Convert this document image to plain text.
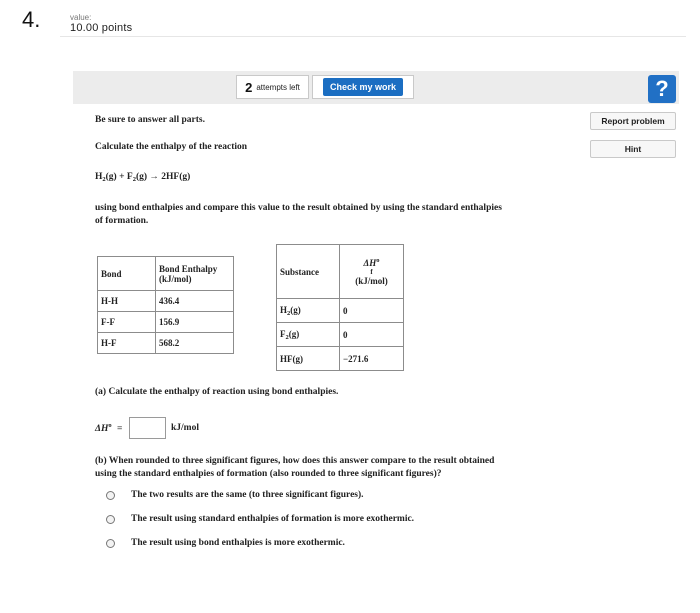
4.	value:
10.00 points
2 attempts left	Check my work	?
Report problem
Hint
Be sure to answer all parts.
Calculate the enthalpy of the reaction
$H_2(g) + F_2(g) \to 2HF(g)$
using bond enthalpies and compare this value to the result obtained by using the standard enthalpies
of formation.
Bond	Bond Enthalpy
(kJ/mol)

H-H	436.4
F-F	156.9
H-F	568.2
Substance	$\Delta H^o$
f
(kJ/mol)

$H_2(g)$	0
$F_2(g)$	0
HF(g)	−271.6
(a) Calculate the enthalpy of reaction using bond enthalpies.
$\Delta H^o$ =	kJ/mol
(b) When rounded to three significant figures, how does this answer compare to the result obtained
using the standard enthalpies of formation (also rounded to three significant figures)?
The two results are the same (to three significant figures).
The result using standard enthalpies of formation is more exothermic.
The result using bond enthalpies is more exothermic.
